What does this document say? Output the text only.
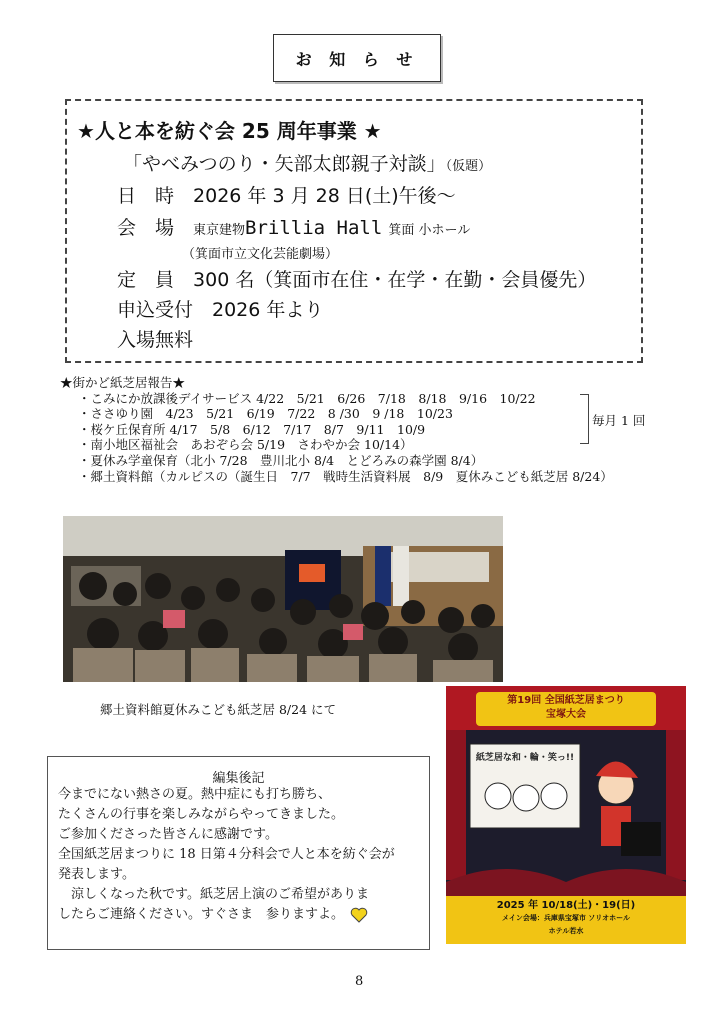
お 知 ら せ
★人と本を紡ぐ会 25 周年事業 ★
「やべみつのり・矢部太郎親子対談」（仮題）
日　時　 2026 年 3 月 28 日(土)午後〜
会　場　 東京建物Brillia Hall 箕面 小ホール
（箕面市立文化芸能劇場）
定　員　 300 名（箕面市在住・在学・在勤・会員優先）
申込受付　2026 年より
入場無料
★街かど紙芝居報告★
・こみにか放課後デイサービス 4/22　5/21　6/26　7/18　8/18　9/16　10/22
・ささゆり園　4/23　5/21　6/19　7/22　8 /30　9 /18　10/23
・桜ケ丘保育所 4/17　5/8　6/12　7/17　8/7　9/11　10/9
・南小地区福祉会　あおぞら会 5/19　さわやか会 10/14）
・夏休み学童保育（北小 7/28　豊川北小 8/4　とどろみの森学園 8/4）
・郷土資料館（カルピスの（誕生日　7/7　戦時生活資料展　8/9　夏休みこども紙芝居 8/24）
毎月 1 回
郷土資料館夏休みこども紙芝居 8/24 にて
第19回 全国紙芝居まつり
宝塚大会
紙芝居な和・輪・笑っ!!
2025 年 10/18(土)・19(日)
メイン会場：兵庫県宝塚市 ソリオホール
ホテル若水
編集後記
今までにない熱さの夏。熱中症にも打ち勝ち、
たくさんの行事を楽しみながらやってきました。
ご参加くださった皆さんに感謝です。
全国紙芝居まつりに 18 日第４分科会で人と本を紡ぐ会が
発表します。
　涼しくなった秋です。紙芝居上演のご希望がありま
したらご連絡ください。すぐさま　参りますよ。
8
